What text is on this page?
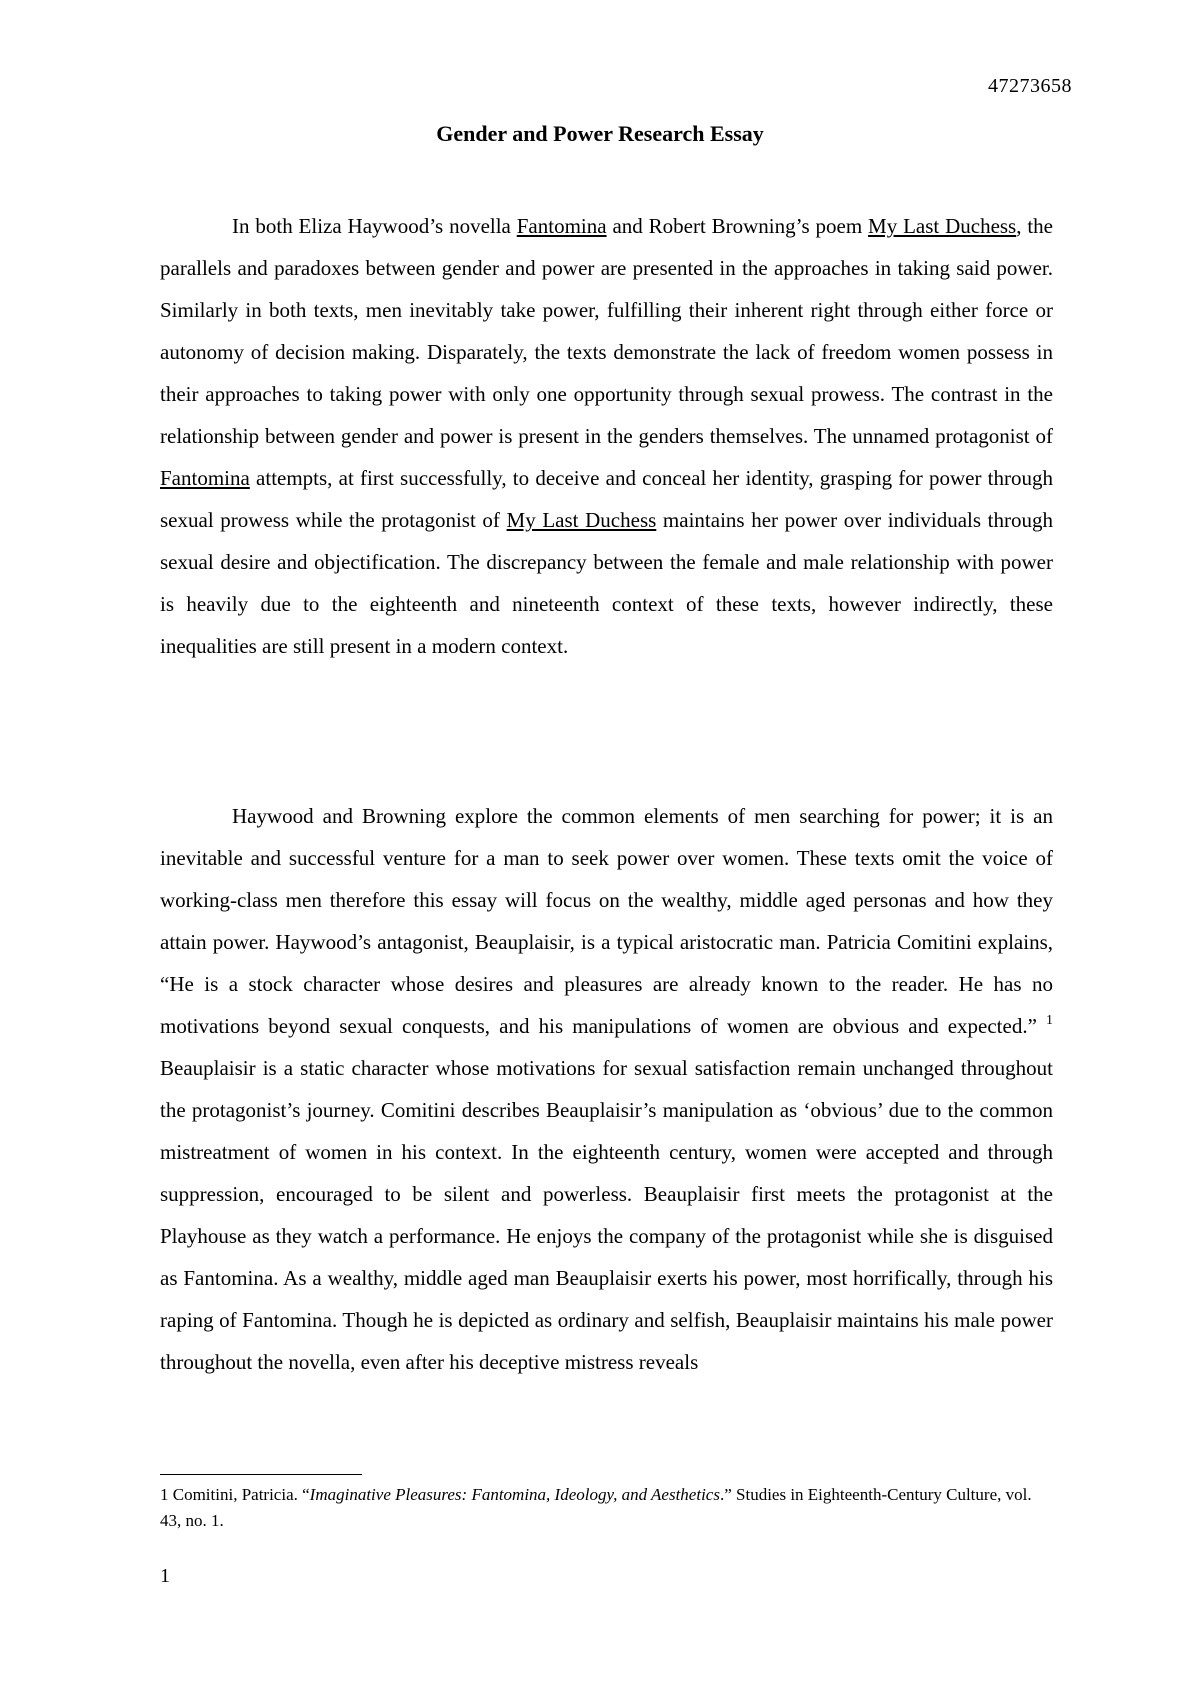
47273658
Gender and Power Research Essay

In both Eliza Haywood’s novella Fantomina and Robert Browning’s poem My Last Duchess, the parallels and paradoxes between gender and power are presented in the approaches in taking said power. Similarly in both texts, men inevitably take power, fulfilling their inherent right through either force or autonomy of decision making. Disparately, the texts demonstrate the lack of freedom women possess in their approaches to taking power with only one opportunity through sexual prowess. The contrast in the relationship between gender and power is present in the genders themselves. The unnamed protagonist of Fantomina attempts, at first successfully, to deceive and conceal her identity, grasping for power through sexual prowess while the protagonist of My Last Duchess maintains her power over individuals through sexual desire and objectification. The discrepancy between the female and male relationship with power is heavily due to the eighteenth and nineteenth context of these texts, however indirectly, these inequalities are still present in a modern context.

Haywood and Browning explore the common elements of men searching for power; it is an inevitable and successful venture for a man to seek power over women. These texts omit the voice of working-class men therefore this essay will focus on the wealthy, middle aged personas and how they attain power. Haywood’s antagonist, Beauplaisir, is a typical aristocratic man. Patricia Comitini explains, “He is a stock character whose desires and pleasures are already known to the reader. He has no motivations beyond sexual conquests, and his manipulations of women are obvious and expected.” $^1$ Beauplaisir is a static character whose motivations for sexual satisfaction remain unchanged throughout the protagonist’s journey. Comitini describes Beauplaisir’s manipulation as ‘obvious’ due to the common mistreatment of women in his context. In the eighteenth century, women were accepted and through suppression, encouraged to be silent and powerless. Beauplaisir first meets the protagonist at the Playhouse as they watch a performance. He enjoys the company of the protagonist while she is disguised as Fantomina. As a wealthy, middle aged man Beauplaisir exerts his power, most horrifically, through his raping of Fantomina. Though he is depicted as ordinary and selfish, Beauplaisir maintains his male power throughout the novella, even after his deceptive mistress reveals

1 Comitini, Patricia. “Imaginative Pleasures: Fantomina, Ideology, and Aesthetics.” Studies in Eighteenth-Century Culture, vol. 43, no. 1.
1
